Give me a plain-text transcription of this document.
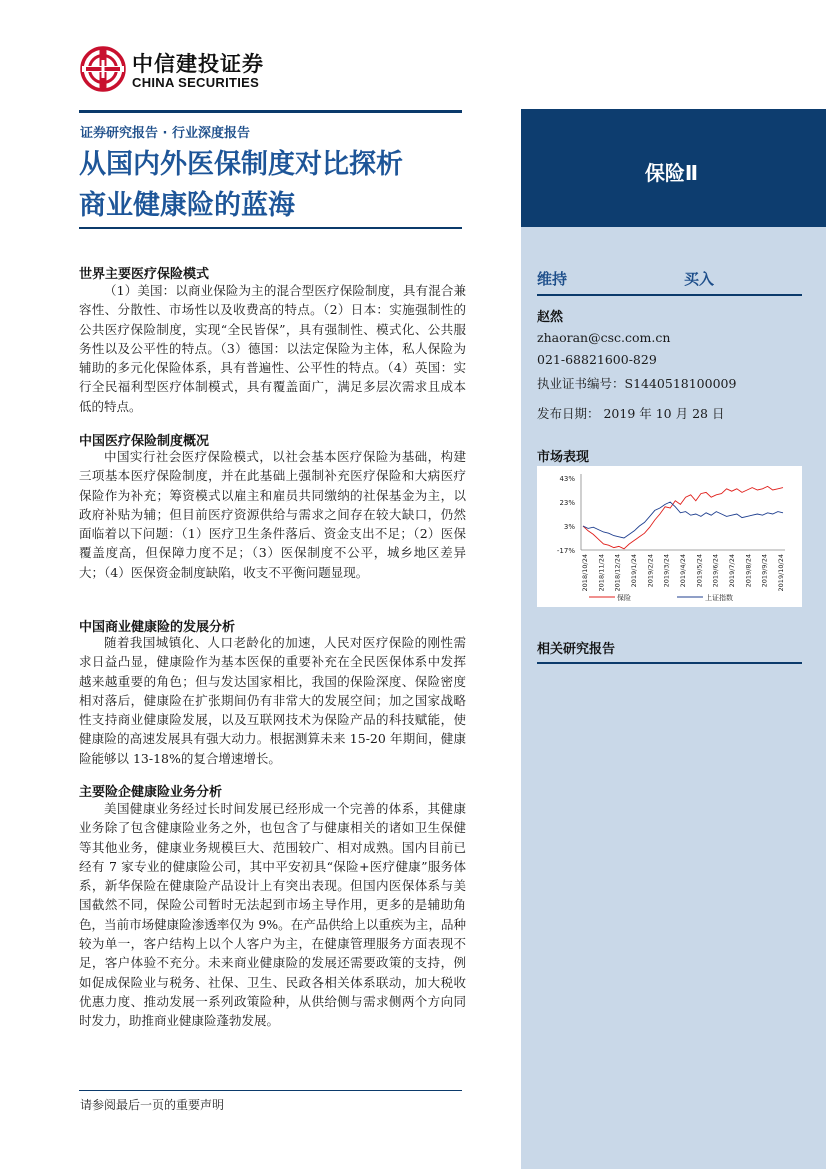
中信建投证券
CHINA SECURITIES
证券研究报告 · 行业深度报告
从国内外医保制度对比探析
商业健康险的蓝海
保险Ⅱ
维持	买入
赵然
zhaoran@csc.com.cn
021-68821600-829
执业证书编号：S1440518100009
发布日期： 2019 年 10 月 28 日
市场表现
43%
23%
3%
-17%
2018/10/24 2018/11/24 2018/12/24 2019/1/24 2019/2/24 2019/3/24 2019/4/24 2019/5/24 2019/6/24 2019/7/24 2019/8/24 2019/9/24 2019/10/24
保险	上证指数
相关研究报告
世界主要医疗保险模式
（1）美国：以商业保险为主的混合型医疗保险制度，具有混合兼容性、分散性、市场性以及收费高的特点。（2）日本：实施强制性的公共医疗保险制度，实现“全民皆保”，具有强制性、模式化、公共服务性以及公平性的特点。（3）德国：以法定保险为主体，私人保险为辅助的多元化保险体系，具有普遍性、公平性的特点。（4）英国：实行全民福利型医疗体制模式，具有覆盖面广，满足多层次需求且成本低的特点。
中国医疗保险制度概况
中国实行社会医疗保险模式，以社会基本医疗保险为基础，构建三项基本医疗保险制度，并在此基础上强制补充医疗保险和大病医疗保险作为补充；筹资模式以雇主和雇员共同缴纳的社保基金为主，以政府补贴为辅；但目前医疗资源供给与需求之间存在较大缺口，仍然面临着以下问题：（1）医疗卫生条件落后、资金支出不足；（2）医保覆盖度高，但保障力度不足；（3）医保制度不公平，城乡地区差异大；（4）医保资金制度缺陷，收支不平衡问题显现。
中国商业健康险的发展分析
随着我国城镇化、人口老龄化的加速，人民对医疗保险的刚性需求日益凸显，健康险作为基本医保的重要补充在全民医保体系中发挥越来越重要的角色；但与发达国家相比，我国的保险深度、保险密度相对落后，健康险在扩张期间仍有非常大的发展空间；加之国家战略性支持商业健康险发展，以及互联网技术为保险产品的科技赋能，使健康险的高速发展具有强大动力。根据测算未来 15-20 年期间，健康险能够以 13-18%的复合增速增长。
主要险企健康险业务分析
美国健康业务经过长时间发展已经形成一个完善的体系，其健康业务除了包含健康险业务之外，也包含了与健康相关的诸如卫生保健等其他业务，健康业务规模巨大、范围较广、相对成熟。国内目前已经有 7 家专业的健康险公司，其中平安初具“保险+医疗健康”服务体系，新华保险在健康险产品设计上有突出表现。但国内医保体系与美国截然不同，保险公司暂时无法起到市场主导作用，更多的是辅助角色，当前市场健康险渗透率仅为 9%。在产品供给上以重疾为主，品种较为单一，客户结构上以个人客户为主，在健康管理服务方面表现不足，客户体验不充分。未来商业健康险的发展还需要政策的支持，例如促成保险业与税务、社保、卫生、民政各相关体系联动，加大税收优惠力度、推动发展一系列政策险种，从供给侧与需求侧两个方向同时发力，助推商业健康险蓬勃发展。
请参阅最后一页的重要声明
